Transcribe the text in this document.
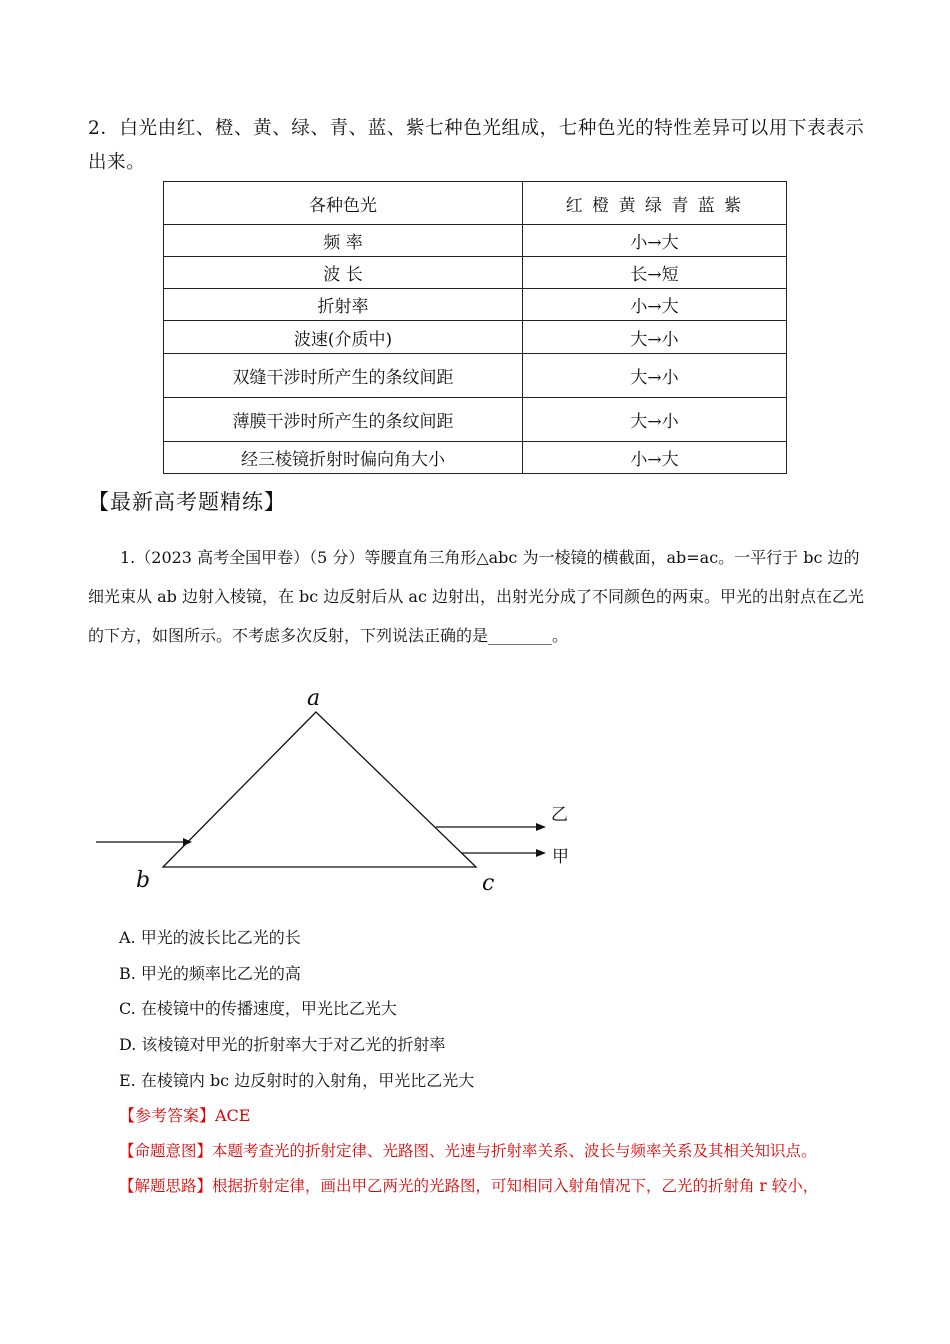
2．白光由红、橙、黄、绿、青、蓝、紫七种色光组成，七种色光的特性差异可以用下表表示出来。
各种色光	红 橙 黄 绿 青 蓝 紫
频 率	小→大
波 长	长→短
折射率	小→大
波速(介质中)	大→小
双缝干涉时所产生的条纹间距	大→小
薄膜干涉时所产生的条纹间距	大→小
经三棱镜折射时偏向角大小	小→大
【最新高考题精练】
1.（2023 高考全国甲卷）（5 分）等腰直角三角形△abc 为一棱镜的横截面，ab=ac。一平行于 bc 边的细光束从 ab 边射入棱镜，在 bc 边反射后从 ac 边射出，出射光分成了不同颜色的两束。甲光的出射点在乙光的下方，如图所示。不考虑多次反射，下列说法正确的是________。
a
b	c
乙
甲
A. 甲光的波长比乙光的长
B. 甲光的频率比乙光的高
C. 在棱镜中的传播速度，甲光比乙光大
D. 该棱镜对甲光的折射率大于对乙光的折射率
E. 在棱镜内 bc 边反射时的入射角，甲光比乙光大
【参考答案】ACE
【命题意图】本题考查光的折射定律、光路图、光速与折射率关系、波长与频率关系及其相关知识点。
【解题思路】根据折射定律，画出甲乙两光的光路图，可知相同入射角情况下，乙光的折射角 r 较小，
